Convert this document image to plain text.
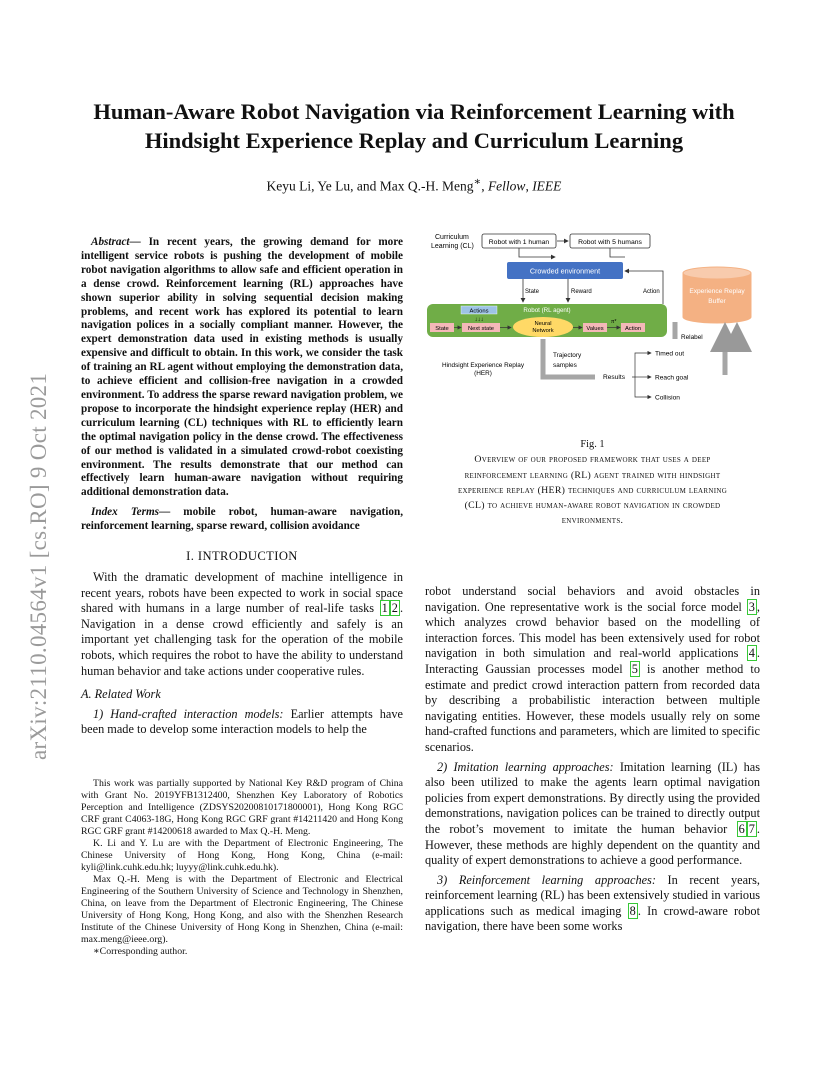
arXiv:2110.04564v1 [cs.RO] 9 Oct 2021
Human-Aware Robot Navigation via Reinforcement Learning with
Hindsight Experience Replay and Curriculum Learning
Keyu Li, Ye Lu, and Max Q.-H. Meng∗, Fellow, IEEE
Abstract— In recent years, the growing demand for more intelligent service robots is pushing the development of mobile robot navigation algorithms to allow safe and efficient operation in a dense crowd. Reinforcement learning (RL) approaches have shown superior ability in solving sequential decision making problems, and recent work has explored its potential to learn navigation polices in a socially compliant manner. However, the expert demonstration data used in existing methods is usually expensive and difficult to obtain. In this work, we consider the task of training an RL agent without employing the demonstration data, to achieve efficient and collision-free navigation in a crowded environment. To address the sparse reward navigation problem, we propose to incorporate the hindsight experience replay (HER) and curriculum learning (CL) techniques with RL to efficiently learn the optimal navigation policy in the dense crowd. The effectiveness of our method is validated in a simulated crowd-robot coexisting environment. The results demonstrate that our method can effectively learn human-aware navigation without requiring additional demonstration data.
Index Terms— mobile robot, human-aware navigation, reinforcement learning, sparse reward, collision avoidance
I. INTRODUCTION

With the dramatic development of machine intelligence in recent years, robots have been expected to work in social space shared with humans in a large number of real-life tasks 1 2 . Navigation in a dense crowd efficiently and safely is an important yet challenging task for the operation of the mobile robots, which requires the robot to have the ability to understand human behavior and take actions under cooperative rules.

A. Related Work

1) Hand-crafted interaction models: Earlier attempts have been made to develop some interaction models to help the

This work was partially supported by National Key R&D program of China with Grant No. 2019YFB1312400, Shenzhen Key Laboratory of Robotics Perception and Intelligence (ZDSYS20200810171800001), Hong Kong RGC CRF grant C4063-18G, Hong Kong RGC GRF grant #14211420 and Hong Kong RGC GRF grant #14200618 awarded to Max Q.-H. Meng.

K. Li and Y. Lu are with the Department of Electronic Engineering, The Chinese University of Hong Kong, Hong Kong, China (e-mail: kyli@link.cuhk.edu.hk; luyyy@link.cuhk.edu.hk).

Max Q.-H. Meng is with the Department of Electronic and Electrical Engineering of the Southern University of Science and Technology in Shenzhen, China, on leave from the Department of Electronic Engineering, The Chinese University of Hong Kong, Hong Kong, and also with the Shenzhen Research Institute of the Chinese University of Hong Kong in Shenzhen, China (e-mail: max.meng@ieee.org).

∗Corresponding author.

Curriculum
Learning (CL)
Robot with 1 human	Robot with 5 humans
Crowded environment
State	Reward	Action	Experience Replay
Buffer
Robot (RL agent)
Actions
↓↓↓
State	Next state
Neural
Network	Values
π*
Action
Relabel
Hindsight Experience Replay
(HER)
Trajectory
samples
Results
Timed out
Reach goal
Collision
Fig. 1
Overview of our proposed framework that uses a deep
reinforcement learning (RL) agent trained with hindsight
experience replay (HER) techniques and curriculum learning
(CL) to achieve human-aware robot navigation in crowded
environments.

robot understand social behaviors and avoid obstacles in navigation. One representative work is the social force model 3 , which analyzes crowd behavior based on the modelling of interaction forces. This model has been extensively used for robot navigation in both simulation and real-world applications 4 . Interacting Gaussian processes model 5 is another method to estimate and predict crowd interaction pattern from recorded data by describing a probabilistic interaction between multiple navigating entities. However, these models usually rely on some hand-crafted functions and parameters, which are limited to specific scenarios.

2) Imitation learning approaches: Imitation learning (IL) has also been utilized to make the agents learn optimal navigation policies from expert demonstrations. By directly using the provided demonstrations, navigation polices can be trained to directly output the robot’s movement to imitate the human behavior 6 7 . However, these methods are highly dependent on the quantity and quality of expert demonstrations to achieve a good performance.

3) Reinforcement learning approaches: In recent years, reinforcement learning (RL) has been extensively studied in various applications such as medical imaging 8 . In crowd-aware robot navigation, there have been some works
